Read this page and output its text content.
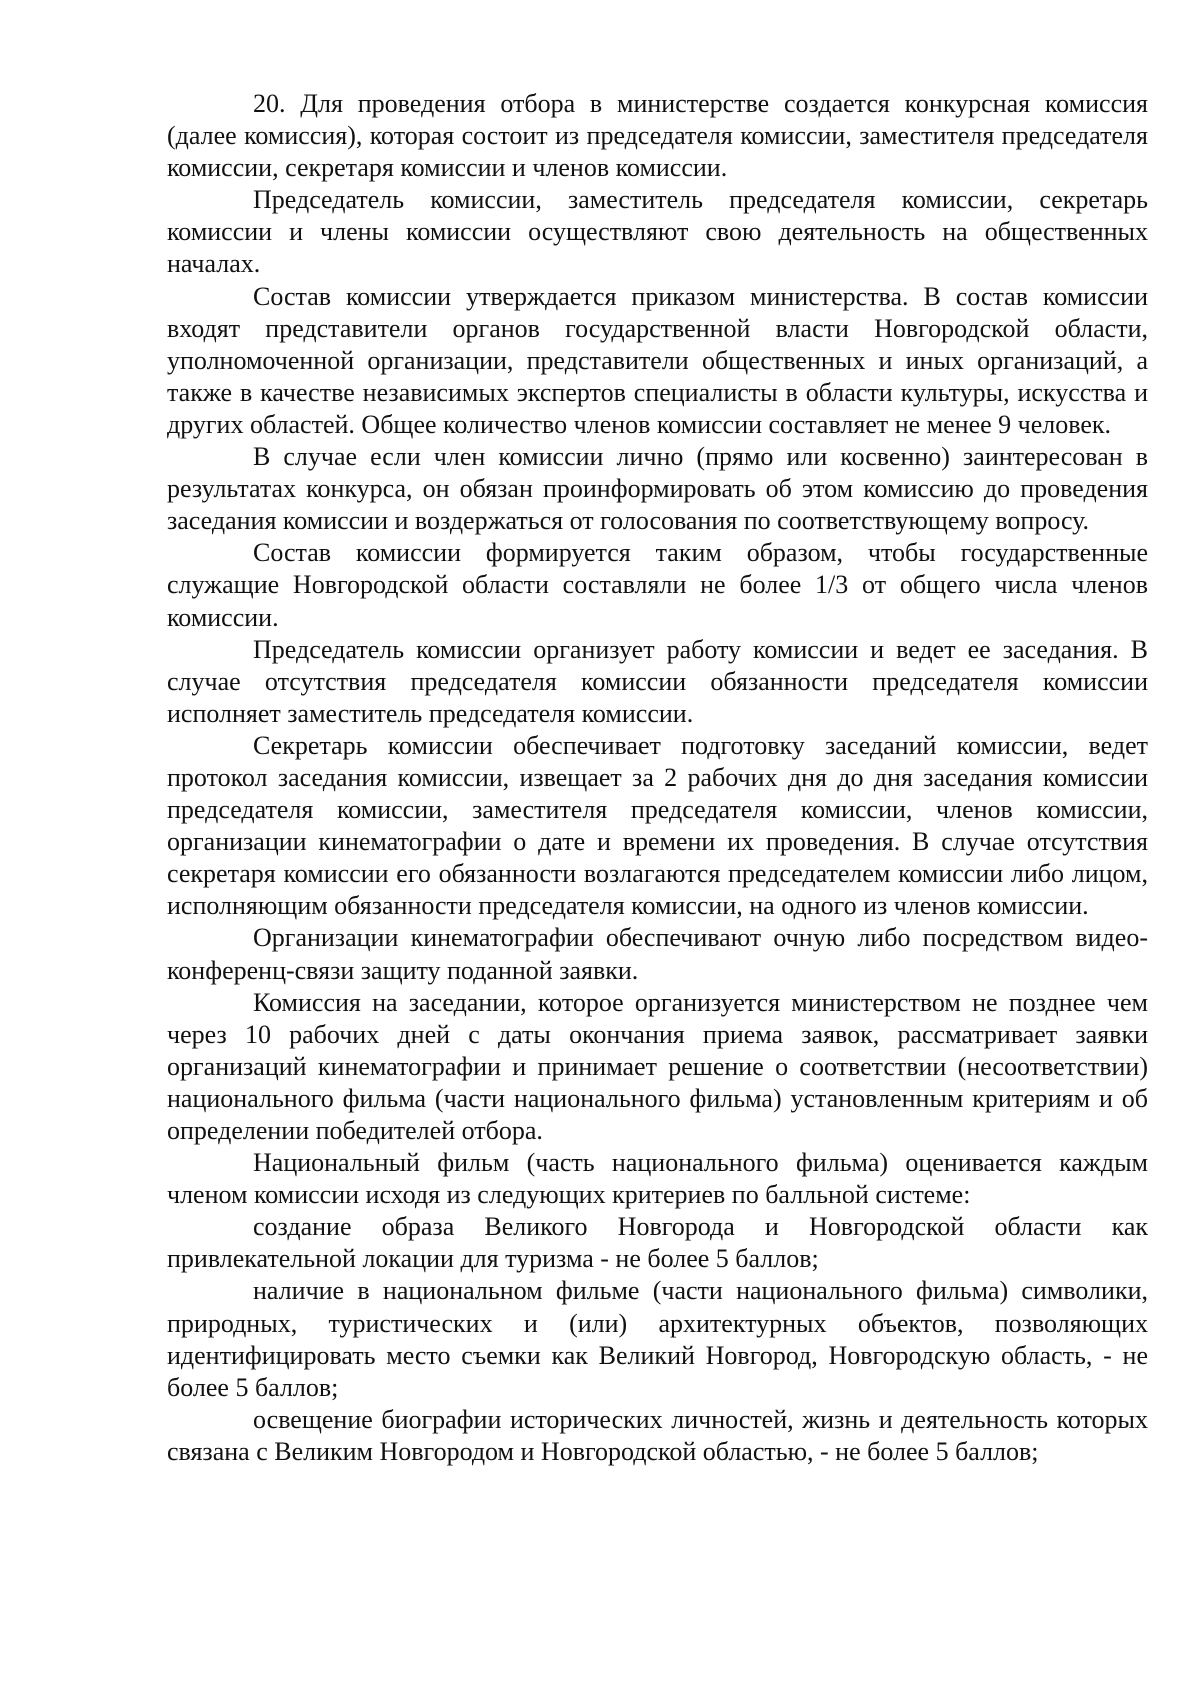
20. Для проведения отбора в министерстве создается конкурсная комиссия (далее комиссия), которая состоит из председателя комиссии, заместителя председателя комиссии, секретаря комиссии и членов комиссии.

Председатель комиссии, заместитель председателя комиссии, секретарь комиссии и члены комиссии осуществляют свою деятельность на общественных началах.

Состав комиссии утверждается приказом министерства. В состав комиссии входят представители органов государственной власти Новгородской области, уполномоченной организации, представители общественных и иных организаций, а также в качестве независимых экспертов специалисты в области культуры, искусства и других областей. Общее количество членов комиссии составляет не менее 9 человек.

В случае если член комиссии лично (прямо или косвенно) заинтересован в результатах конкурса, он обязан проинформировать об этом комиссию до проведения заседания комиссии и воздержаться от голосования по соответствующему вопросу.

Состав комиссии формируется таким образом, чтобы государственные служащие Новгородской области составляли не более 1/3 от общего числа членов комиссии.

Председатель комиссии организует работу комиссии и ведет ее заседания. В случае отсутствия председателя комиссии обязанности председателя комиссии исполняет заместитель председателя комиссии.

Секретарь комиссии обеспечивает подготовку заседаний комиссии, ведет протокол заседания комиссии, извещает за 2 рабочих дня до дня заседания комиссии председателя комиссии, заместителя председателя комиссии, членов комиссии, организации кинематографии о дате и времени их проведения. В случае отсутствия секретаря комиссии его обязанности возлагаются председателем комиссии либо лицом, исполняющим обязанности председателя комиссии, на одного из членов комиссии.

Организации кинематографии обеспечивают очную либо посредством видео-конференц-связи защиту поданной заявки.

Комиссия на заседании, которое организуется министерством не позднее чем через 10 рабочих дней с даты окончания приема заявок, рассматривает заявки организаций кинематографии и принимает решение о соответствии (несоответствии) национального фильма (части национального фильма) установленным критериям и об определении победителей отбора.

Национальный фильм (часть национального фильма) оценивается каждым членом комиссии исходя из следующих критериев по балльной системе:

создание образа Великого Новгорода и Новгородской области как привлекательной локации для туризма - не более 5 баллов;

наличие в национальном фильме (части национального фильма) символики, природных, туристических и (или) архитектурных объектов, позволяющих идентифицировать место съемки как Великий Новгород, Новгородскую область, - не более 5 баллов;

освещение биографии исторических личностей, жизнь и деятельность которых связана с Великим Новгородом и Новгородской областью, - не более 5 баллов;
